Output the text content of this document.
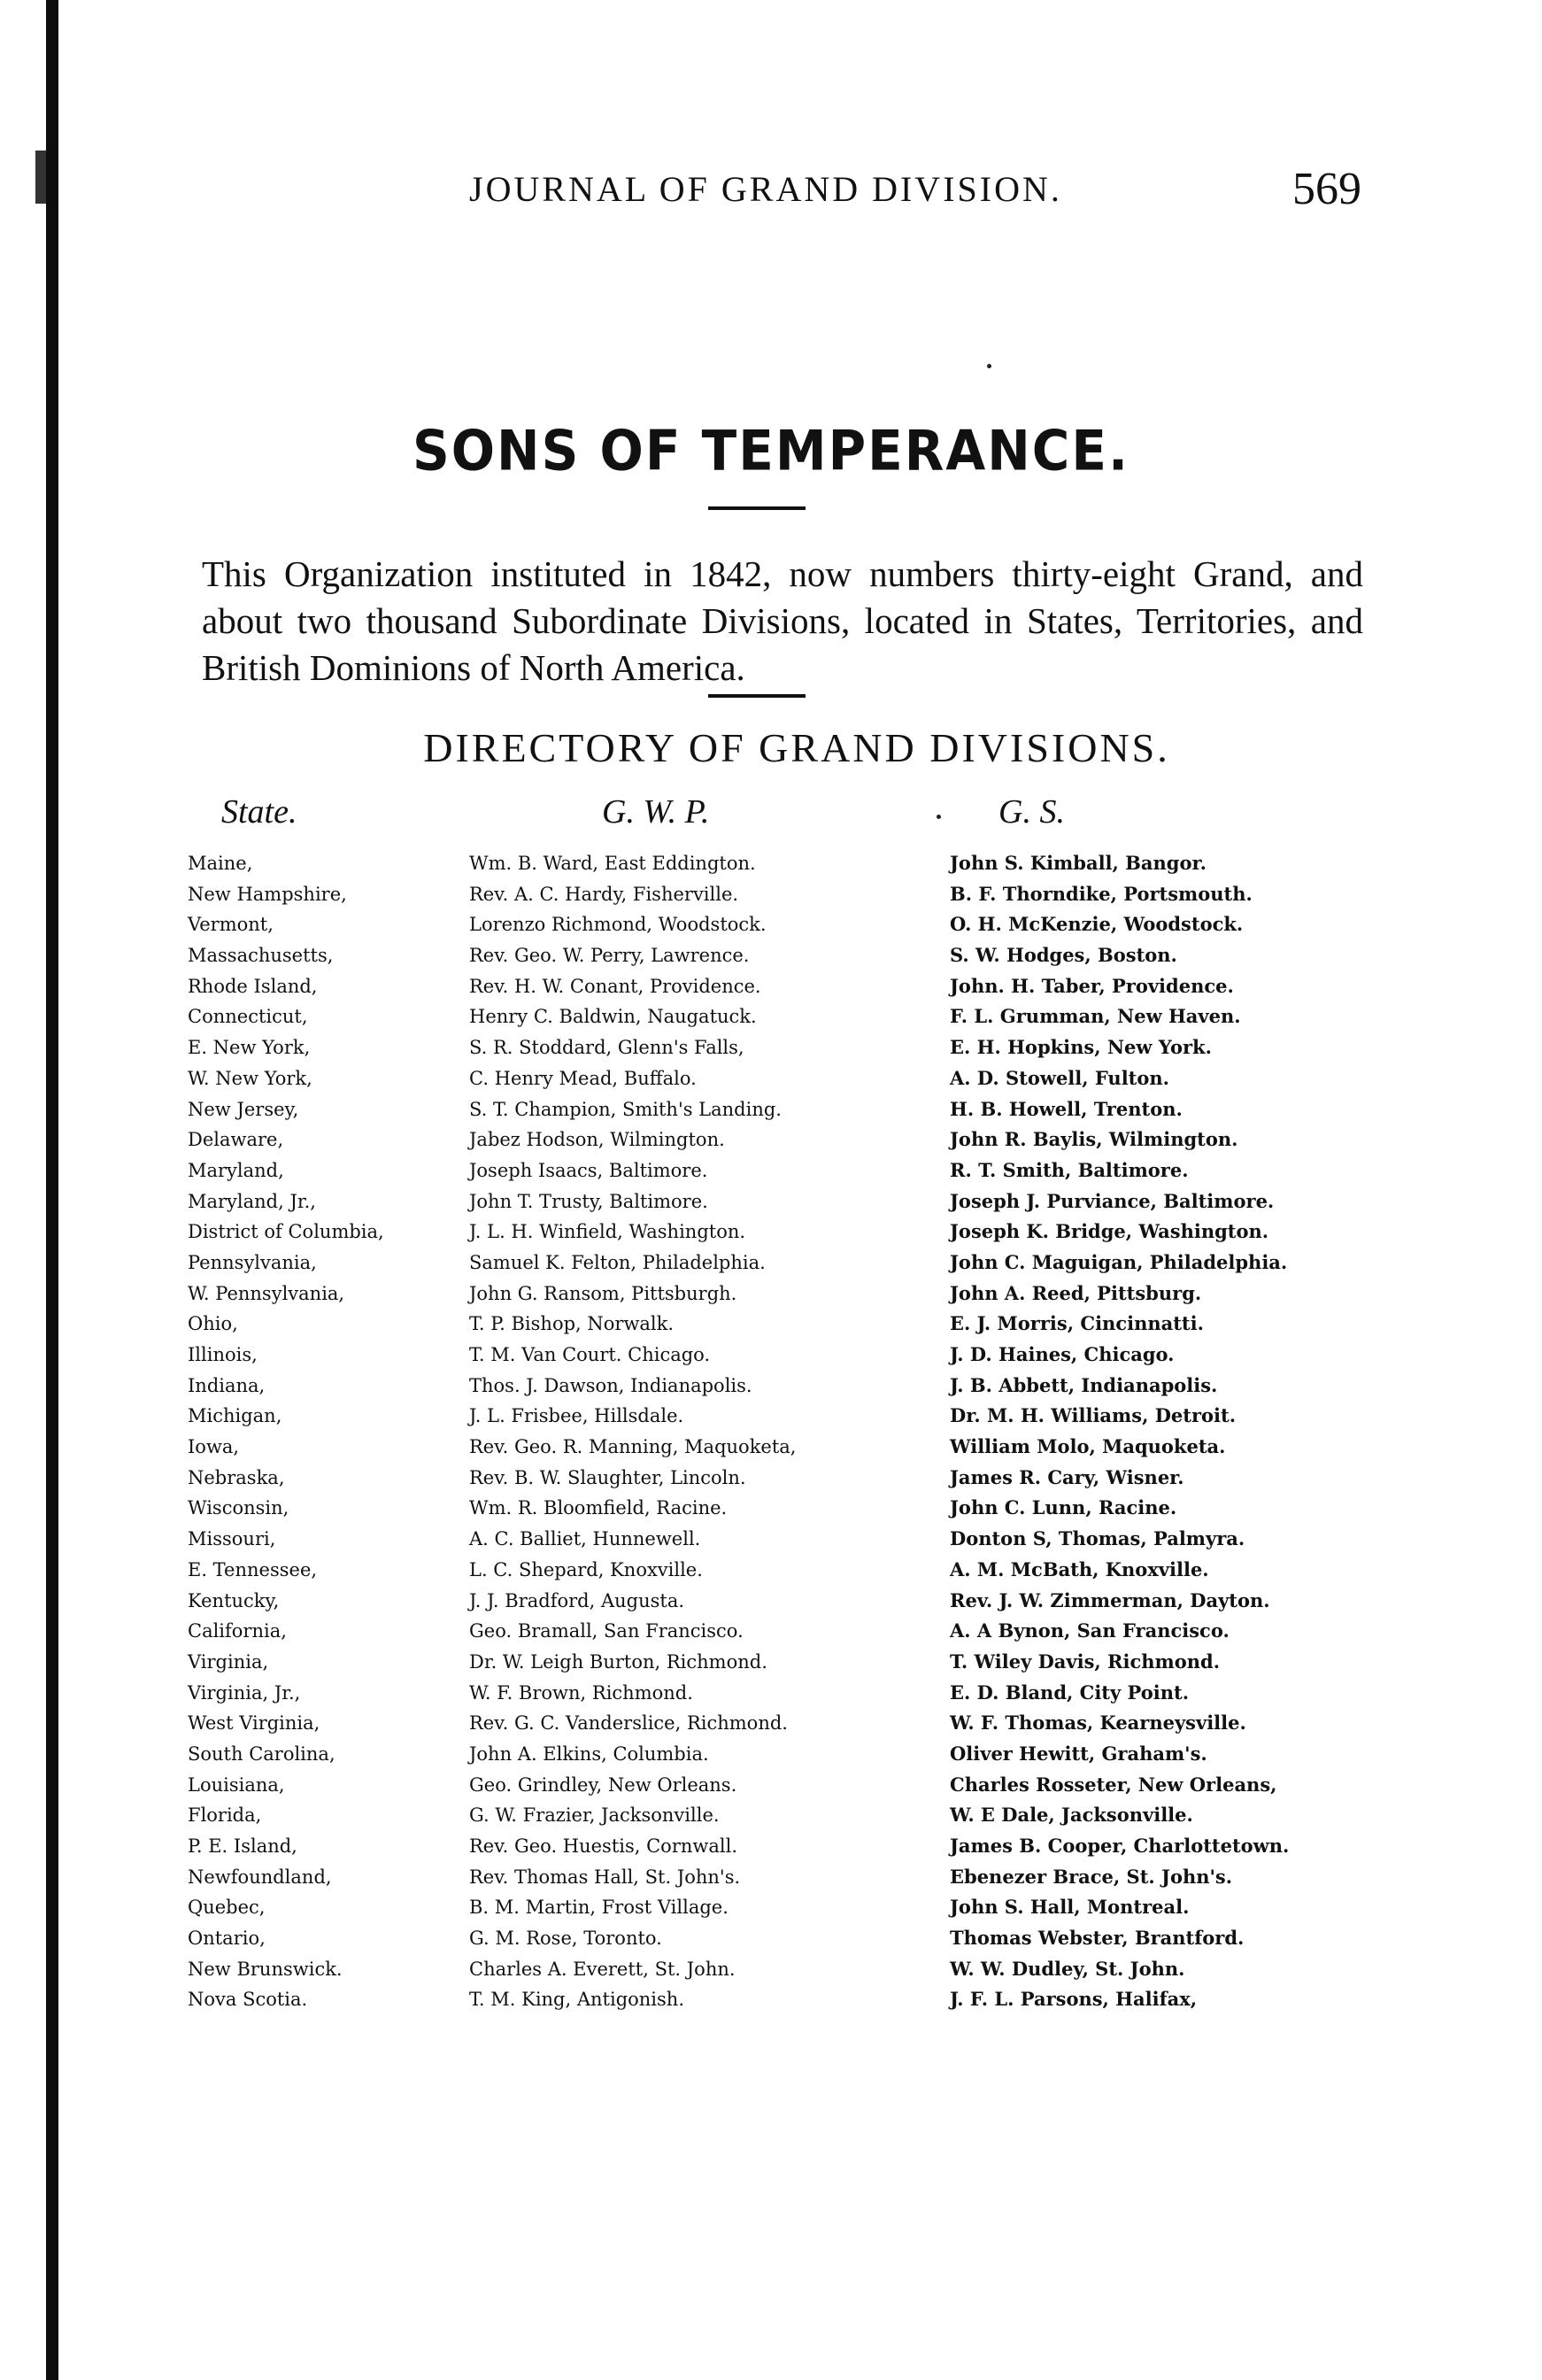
JOURNAL OF GRAND DIVISION.	569
SONS OF TEMPERANCE.
This Organization instituted in 1842, now numbers thirty-eight Grand, and about two thousand Subordinate Divisions, located in States, Territories, and British Dominions of North America.
DIRECTORY OF GRAND DIVISIONS.
State.	G. W. P.	G. S.
Maine,	Wm. B. Ward, East Eddington.	John S. Kimball, Bangor.
New Hampshire,	Rev. A. C. Hardy, Fisherville.	B. F. Thorndike, Portsmouth.
Vermont,	Lorenzo Richmond, Woodstock.	O. H. McKenzie, Woodstock.
Massachusetts,	Rev. Geo. W. Perry, Lawrence.	S. W. Hodges, Boston.
Rhode Island,	Rev. H. W. Conant, Providence.	John. H. Taber, Providence.
Connecticut,	Henry C. Baldwin, Naugatuck.	F. L. Grumman, New Haven.
E. New York,	S. R. Stoddard, Glenn's Falls,	E. H. Hopkins, New York.
W. New York,	C. Henry Mead, Buffalo.	A. D. Stowell, Fulton.
New Jersey,	S. T. Champion, Smith's Landing.	H. B. Howell, Trenton.
Delaware,	Jabez Hodson, Wilmington.	John R. Baylis, Wilmington.
Maryland,	Joseph Isaacs, Baltimore.	R. T. Smith, Baltimore.
Maryland, Jr.,	John T. Trusty, Baltimore.	Joseph J. Purviance, Baltimore.
District of Columbia,	J. L. H. Winfield, Washington.	Joseph K. Bridge, Washington.
Pennsylvania,	Samuel K. Felton, Philadelphia.	John C. Maguigan, Philadelphia.
W. Pennsylvania,	John G. Ransom, Pittsburgh.	John A. Reed, Pittsburg.
Ohio,	T. P. Bishop, Norwalk.	E. J. Morris, Cincinnatti.
Illinois,	T. M. Van Court. Chicago.	J. D. Haines, Chicago.
Indiana,	Thos. J. Dawson, Indianapolis.	J. B. Abbett, Indianapolis.
Michigan,	J. L. Frisbee, Hillsdale.	Dr. M. H. Williams, Detroit.
Iowa,	Rev. Geo. R. Manning, Maquoketa,	William Molo, Maquoketa.
Nebraska,	Rev. B. W. Slaughter, Lincoln.	James R. Cary, Wisner.
Wisconsin,	Wm. R. Bloomfield, Racine.	John C. Lunn, Racine.
Missouri,	A. C. Balliet, Hunnewell.	Donton S, Thomas, Palmyra.
E. Tennessee,	L. C. Shepard, Knoxville.	A. M. McBath, Knoxville.
Kentucky,	J. J. Bradford, Augusta.	Rev. J. W. Zimmerman, Dayton.
California,	Geo. Bramall, San Francisco.	A. A Bynon, San Francisco.
Virginia,	Dr. W. Leigh Burton, Richmond.	T. Wiley Davis, Richmond.
Virginia, Jr.,	W. F. Brown, Richmond.	E. D. Bland, City Point.
West Virginia,	Rev. G. C. Vanderslice, Richmond.	W. F. Thomas, Kearneysville.
South Carolina,	John A. Elkins, Columbia.	Oliver Hewitt, Graham's.
Louisiana,	Geo. Grindley, New Orleans.	Charles Rosseter, New Orleans,
Florida,	G. W. Frazier, Jacksonville.	W. E Dale, Jacksonville.
P. E. Island,	Rev. Geo. Huestis, Cornwall.	James B. Cooper, Charlottetown.
Newfoundland,	Rev. Thomas Hall, St. John's.	Ebenezer Brace, St. John's.
Quebec,	B. M. Martin, Frost Village.	John S. Hall, Montreal.
Ontario,	G. M. Rose, Toronto.	Thomas Webster, Brantford.
New Brunswick.	Charles A. Everett, St. John.	W. W. Dudley, St. John.
Nova Scotia.	T. M. King, Antigonish.	J. F. L. Parsons, Halifax,
